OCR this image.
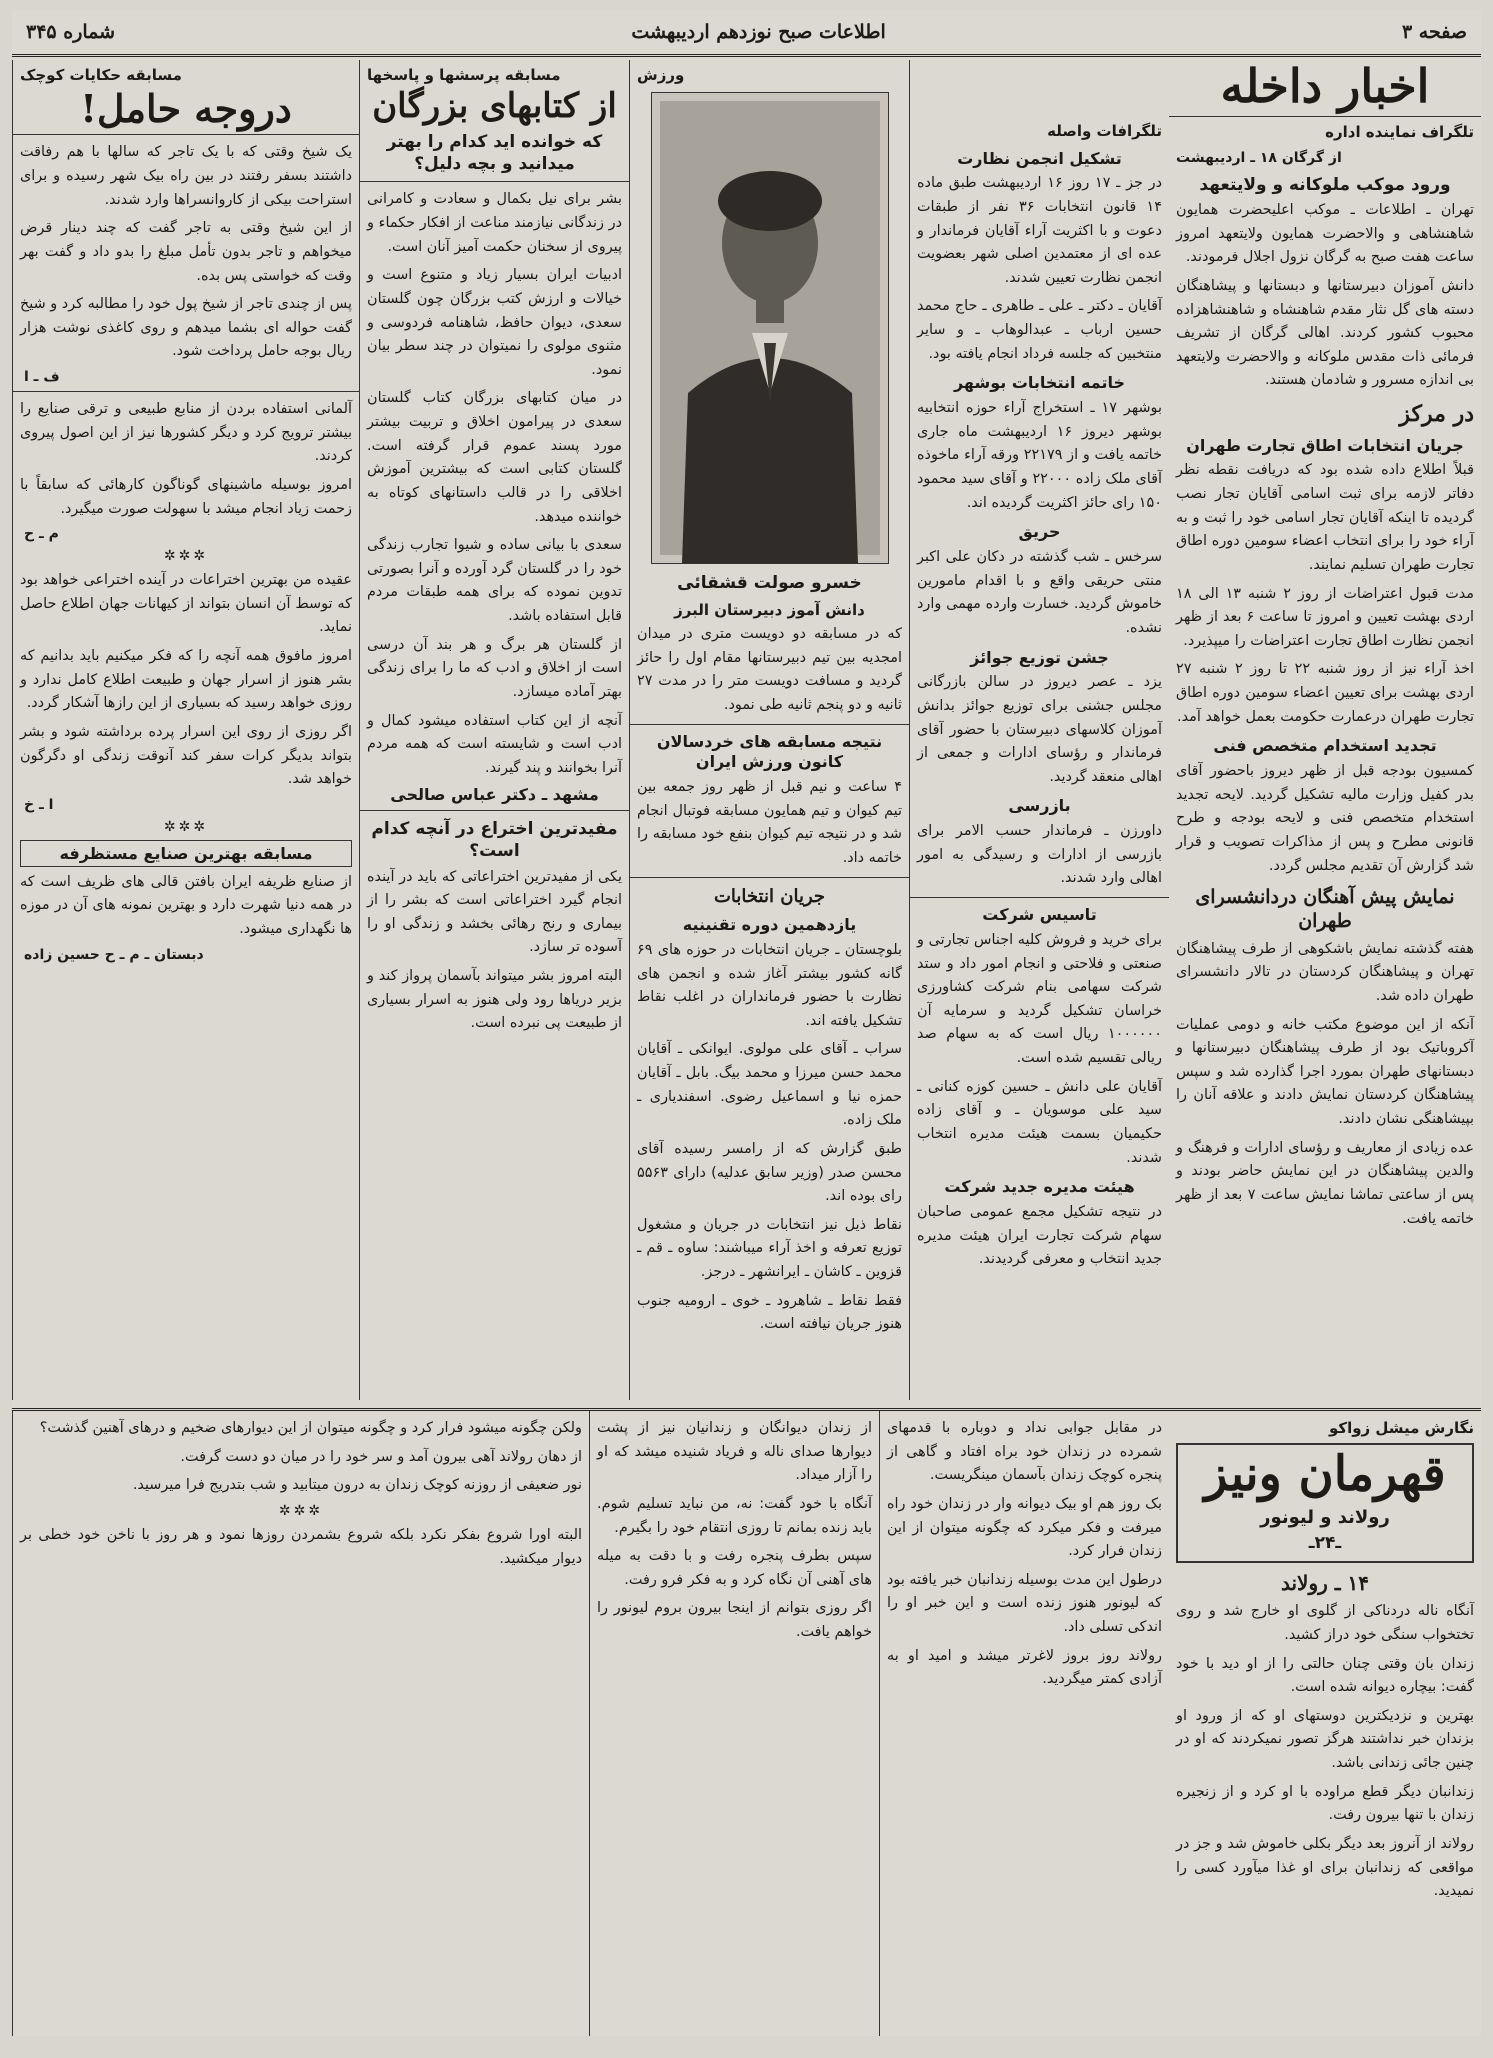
صفحه ۳
اطلاعات صبح نوزدهم اردیبهشت
شماره ۳۴۵
اخبار داخله
تلگراف نماینده اداره
از گرگان ۱۸ ـ اردیبهشت
ورود موکب ملوکانه و ولایتعهد

تهران ـ اطلاعات ـ موکب اعلیحضرت همایون شاهنشاهی و والاحضرت همایون ولایتعهد امروز ساعت هفت صبح به گرگان نزول اجلال فرمودند.

دانش آموزان دبیرستانها و دبستانها و پیشاهنگان دسته های گل نثار مقدم شاهنشاه و شاهنشاهزاده محبوب کشور کردند. اهالی گرگان از تشریف فرمائی ذات مقدس ملوکانه و والاحضرت ولایتعهد بی اندازه مسرور و شادمان هستند.

در مرکز
جریان انتخابات اطاق تجارت طهران

قبلاً اطلاع داده شده بود که دریافت نقطه نظر دفاتر لازمه برای ثبت اسامی آقایان تجار نصب گردیده تا اینکه آقایان تجار اسامی خود را ثبت و به آراء خود را برای انتخاب اعضاء سومین دوره اطاق تجارت طهران تسلیم نمایند.

مدت قبول اعتراضات از روز ۲ شنبه ۱۳ الی ۱۸ اردی بهشت تعیین و امروز تا ساعت ۶ بعد از ظهر انجمن نظارت اطاق تجارت اعتراضات را میپذیرد.

اخذ آراء نیز از روز شنبه ۲۲ تا روز ۲ شنبه ۲۷ اردی بهشت برای تعیین اعضاء سومین دوره اطاق تجارت طهران درعمارت حکومت بعمل خواهد آمد.

تجدید استخدام متخصص فنی

کمسیون بودجه قبل از ظهر دیروز باحضور آقای بدر کفیل وزارت مالیه تشکیل گردید. لایحه تجدید استخدام متخصص فنی و لایحه بودجه و طرح قانونی مطرح و پس از مذاکرات تصویب و قرار شد گزارش آن تقدیم مجلس گردد.

نمایش پیش آهنگان دردانشسرای طهران

هفته گذشته نمایش باشکوهی از طرف پیشاهنگان تهران و پیشاهنگان کردستان در تالار دانشسرای طهران داده شد.

آنکه از این موضوع مکتب خانه و دومی عملیات آکروباتیک بود از طرف پیشاهنگان دبیرستانها و دبستانهای طهران بمورد اجرا گذارده شد و سپس پیشاهنگان کردستان نمایش دادند و علاقه آنان را بپیشاهنگی نشان دادند.

عده زیادی از معاریف و رؤسای ادارات و فرهنگ و والدین پیشاهنگان در این نمایش حاضر بودند و پس از ساعتی تماشا نمایش ساعت ۷ بعد از ظهر خاتمه یافت.

تلگرافات واصله
تشکیل انجمن نظارت

در جز ـ ۱۷ روز ۱۶ اردیبهشت طبق ماده ۱۴ قانون انتخابات ۳۶ نفر از طبقات دعوت و با اکثریت آراء آقایان فرماندار و عده ای از معتمدین اصلی شهر بعضویت انجمن نظارت تعیین شدند.

آقایان ـ دکتر ـ علی ـ طاهری ـ حاج محمد حسین ارباب ـ عبدالوهاب ـ و سایر منتخبین که جلسه فرداد انجام یافته بود.

خاتمه انتخابات بوشهر

بوشهر ۱۷ ـ استخراج آراء حوزه انتخابیه بوشهر دیروز ۱۶ اردیبهشت ماه جاری خاتمه یافت و از ۲۲۱۷۹ ورقه آراء ماخوذه آقای ملک زاده ۲۲۰۰۰ و آقای سید محمود ۱۵۰ رای حائز اکثریت گردیده اند.

حریق

سرخس ـ شب گذشته در دکان علی اکبر منتی حریقی واقع و با اقدام مامورین خاموش گردید. خسارت وارده مهمی وارد نشده.

جشن توزیع جوائز

یزد ـ عصر دیروز در سالن بازرگانی مجلس جشنی برای توزیع جوائز بدانش آموزان کلاسهای دبیرستان با حضور آقای فرماندار و رؤسای ادارات و جمعی از اهالی منعقد گردید.

بازرسی

داورزن ـ فرماندار حسب الامر برای بازرسی از ادارات و رسیدگی به امور اهالی وارد شدند.

تاسیس شرکت

برای خرید و فروش کلیه اجناس تجارتی و صنعتی و فلاحتی و انجام امور داد و ستد شرکت سهامی بنام شرکت کشاورزی خراسان تشکیل گردید و سرمایه آن ۱۰۰۰۰۰۰ ریال است که به سهام صد ریالی تقسیم شده است.

آقایان علی دانش ـ حسین کوزه کنانی ـ سید علی موسویان ـ و آقای زاده حکیمیان بسمت هیئت مدیره انتخاب شدند.

هیئت مدیره جدید شرکت

در نتیجه تشکیل مجمع عمومی صاحبان سهام شرکت تجارت ایران هیئت مدیره جدید انتخاب و معرفی گردیدند.

ورزش
خسرو صولت قشقائی
دانش آموز دبیرستان البرز

که در مسابقه دو دویست متری در میدان امجدیه بین تیم دبیرستانها مقام اول را حائز گردید و مسافت دویست متر را در مدت ۲۷ ثانیه و دو پنجم ثانیه طی نمود.

نتیجه مسابقه های خردسالان کانون ورزش ایران

۴ ساعت و نیم قبل از ظهر روز جمعه بین تیم کیوان و تیم همایون مسابقه فوتبال انجام شد و در نتیجه تیم کیوان بنفع خود مسابقه را خاتمه داد.

جریان انتخابات
یازدهمین دوره تقنینیه

بلوچستان ـ جریان انتخابات در حوزه های ۶۹ گانه کشور بیشتر آغاز شده و انجمن های نظارت با حضور فرمانداران در اغلب نقاط تشکیل یافته اند.

سراب ـ آقای علی مولوی. ایوانکی ـ آقایان محمد حسن میرزا و محمد بیگ. بابل ـ آقایان حمزه نیا و اسماعیل رضوی. اسفندیاری ـ ملک زاده.

طبق گزارش که از رامسر رسیده آقای محسن صدر (وزیر سابق عدلیه) دارای ۵۵۶۳ رای بوده اند.

نقاط ذیل نیز انتخابات در جریان و مشغول توزیع تعرفه و اخذ آراء میباشند: ساوه ـ قم ـ قزوین ـ کاشان ـ ایرانشهر ـ درجز.

فقط نقاط ـ شاهرود ـ خوی ـ ارومیه جنوب هنوز جریان نیافته است.

مسابقه پرسشها و پاسخها
از کتابهای بزرگان
که خوانده اید کدام را بهتر میدانید و بچه دلیل؟

بشر برای نیل بکمال و سعادت و کامرانی در زندگانی نیازمند مناعت از افکار حکماء و پیروی از سخنان حکمت آمیز آنان است.

ادبیات ایران بسیار زیاد و متنوع است و خیالات و ارزش کتب بزرگان چون گلستان سعدی، دیوان حافظ، شاهنامه فردوسی و مثنوی مولوی را نمیتوان در چند سطر بیان نمود.

در میان کتابهای بزرگان کتاب گلستان سعدی در پیرامون اخلاق و تربیت بیشتر مورد پسند عموم قرار گرفته است. گلستان کتابی است که بیشترین آموزش اخلاقی را در قالب داستانهای کوتاه به خواننده میدهد.

سعدی با بیانی ساده و شیوا تجارب زندگی خود را در گلستان گرد آورده و آنرا بصورتی تدوین نموده که برای همه طبقات مردم قابل استفاده باشد.

از گلستان هر برگ و هر بند آن درسی است از اخلاق و ادب که ما را برای زندگی بهتر آماده میسازد.

آنچه از این کتاب استفاده میشود کمال و ادب است و شایسته است که همه مردم آنرا بخوانند و پند گیرند.

مشهد ـ دکتر عباس صالحی
مفیدترین اختراع در آنچه کدام است؟

یکی از مفیدترین اختراعاتی که باید در آینده انجام گیرد اختراعاتی است که بشر را از بیماری و رنج رهائی بخشد و زندگی او را آسوده تر سازد.

البته امروز بشر میتواند بآسمان پرواز کند و بزیر دریاها رود ولی هنوز به اسرار بسیاری از طبیعت پی نبرده است.

مسابقه حکایات کوچک
دروجه حامل!

یک شیخ وقتی که با یک تاجر که سالها با هم رفاقت داشتند بسفر رفتند در بین راه بیک شهر رسیده و برای استراحت بیکی از کاروانسراها وارد شدند.

از این شیخ وقتی به تاجر گفت که چند دینار قرض میخواهم و تاجر بدون تأمل مبلغ را بدو داد و گفت بهر وقت که خواستی پس بده.

پس از چندی تاجر از شیخ پول خود را مطالبه کرد و شیخ گفت حواله ای بشما میدهم و روی کاغذی نوشت هزار ریال بوجه حامل پرداخت شود.

ف ـ ا

آلمانی استفاده بردن از منابع طبیعی و ترقی صنایع را بیشتر ترویج کرد و دیگر کشورها نیز از این اصول پیروی کردند.

امروز بوسیله ماشینهای گوناگون کارهائی که سابقاً با زحمت زیاد انجام میشد با سهولت صورت میگیرد.

م ـ ح
✲✲✲

عقیده من بهترین اختراعات در آینده اختراعی خواهد بود که توسط آن انسان بتواند از کیهانات جهان اطلاع حاصل نماید.

امروز مافوق همه آنچه را که فکر میکنیم باید بدانیم که بشر هنوز از اسرار جهان و طبیعت اطلاع کامل ندارد و روزی خواهد رسید که بسیاری از این رازها آشکار گردد.

اگر روزی از روی این اسرار پرده برداشته شود و بشر بتواند بدیگر کرات سفر کند آنوقت زندگی او دگرگون خواهد شد.

ا ـ خ
✲✲✲
مسابقه بهترین صنایع مستظرفه

از صنایع ظریفه ایران بافتن قالی های ظریف است که در همه دنیا شهرت دارد و بهترین نمونه های آن در موزه ها نگهداری میشود.

دبستان ـ م ـ ح حسین زاده
نگارش میشل زواکو
قهرمان ونیز
رولاند و لیونور
ـ۲۴ـ
۱۴ ـ رولاند

آنگاه ناله دردناکی از گلوی او خارج شد و روی تختخواب سنگی خود دراز کشید.

زندان بان وقتی چنان حالتی را از او دید با خود گفت: بیچاره دیوانه شده است.

بهترین و نزدیکترین دوستهای او که از ورود او بزندان خبر نداشتند هرگز تصور نمیکردند که او در چنین جائی زندانی باشد.

زندانبان دیگر قطع مراوده با او کرد و از زنجیره زندان با تنها بیرون رفت.

رولاند از آنروز بعد دیگر بکلی خاموش شد و جز در مواقعی که زندانبان برای او غذا میآورد کسی را نمیدید.

در مقابل جوابی نداد و دوباره با قدمهای شمرده در زندان خود براه افتاد و گاهی از پنجره کوچک زندان بآسمان مینگریست.

بک روز هم او بیک دیوانه وار در زندان خود راه میرفت و فکر میکرد که چگونه میتوان از این زندان فرار کرد.

درطول این مدت بوسیله زندانبان خبر یافته بود که لیونور هنوز زنده است و این خبر او را اندکی تسلی داد.

رولاند روز بروز لاغرتر میشد و امید او به آزادی کمتر میگردید.

از زندان دیوانگان و زندانیان نیز از پشت دیوارها صدای ناله و فریاد شنیده میشد که او را آزار میداد.

آنگاه با خود گفت: نه، من نباید تسلیم شوم. باید زنده بمانم تا روزی انتقام خود را بگیرم.

سپس بطرف پنجره رفت و با دقت به میله های آهنی آن نگاه کرد و به فکر فرو رفت.

اگر روزی بتوانم از اینجا بیرون بروم لیونور را خواهم یافت.

ولکن چگونه میشود فرار کرد و چگونه میتوان از این دیوارهای ضخیم و درهای آهنین گذشت؟

از دهان رولاند آهی بیرون آمد و سر خود را در میان دو دست گرفت.

نور ضعیفی از روزنه کوچک زندان به درون میتابید و شب بتدریج فرا میرسید.

✲✲✲

البته اورا شروع بفکر نکرد بلکه شروع بشمردن روزها نمود و هر روز با ناخن خود خطی بر دیوار میکشید.
